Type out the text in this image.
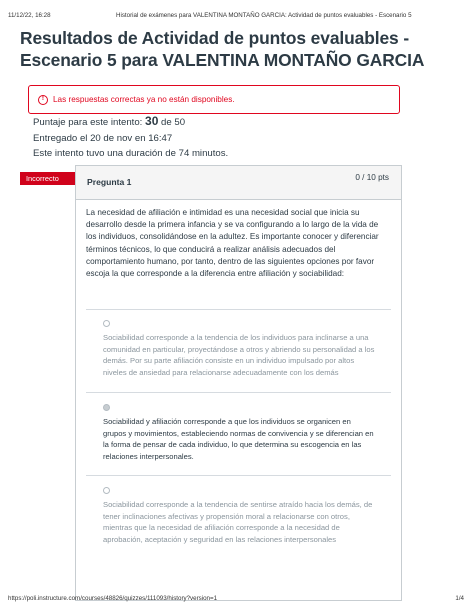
11/12/22, 16:28	Historial de exámenes para VALENTINA MONTAÑO GARCIA: Actividad de puntos evaluables - Escenario 5
Resultados de Actividad de puntos evaluables - Escenario 5 para VALENTINA MONTAÑO GARCIA
!	Las respuestas correctas ya no están disponibles.
Puntaje para este intento: 30 de 50
Entregado el 20 de nov en 16:47
Este intento tuvo una duración de 74 minutos.
Incorrecto	Pregunta 1	0 / 10 pts
La necesidad de afiliación e intimidad es una necesidad social que inicia su desarrollo desde la primera infancia y se va configurando a lo largo de la vida de los individuos, consolidándose en la adultez. Es importante conocer y diferenciar términos técnicos, lo que conducirá a realizar análisis adecuados del comportamiento humano, por tanto, dentro de las siguientes opciones por favor escoja la que corresponde a la diferencia entre afiliación y sociabilidad:
Sociabilidad corresponde a la tendencia de los individuos para inclinarse a una comunidad en particular, proyectándose a otros y abriendo su personalidad a los demás. Por su parte afiliación consiste en un individuo impulsado por altos niveles de ansiedad para relacionarse adecuadamente con los demás
Sociabilidad y afiliación corresponde a que los individuos se organicen en grupos y movimientos, estableciendo normas de convivencia y se diferencian en la forma de pensar de cada individuo, lo que determina su escogencia en las relaciones interpersonales.
Sociabilidad corresponde a la tendencia de sentirse atraído hacia los demás, de tener inclinaciones afectivas y propensión moral a relacionarse con otros, mientras que la necesidad de afiliación corresponde a la necesidad de aprobación, aceptación y seguridad en las relaciones interpersonales
https://poli.instructure.com/courses/48826/quizzes/111093/history?version=1	1/4
